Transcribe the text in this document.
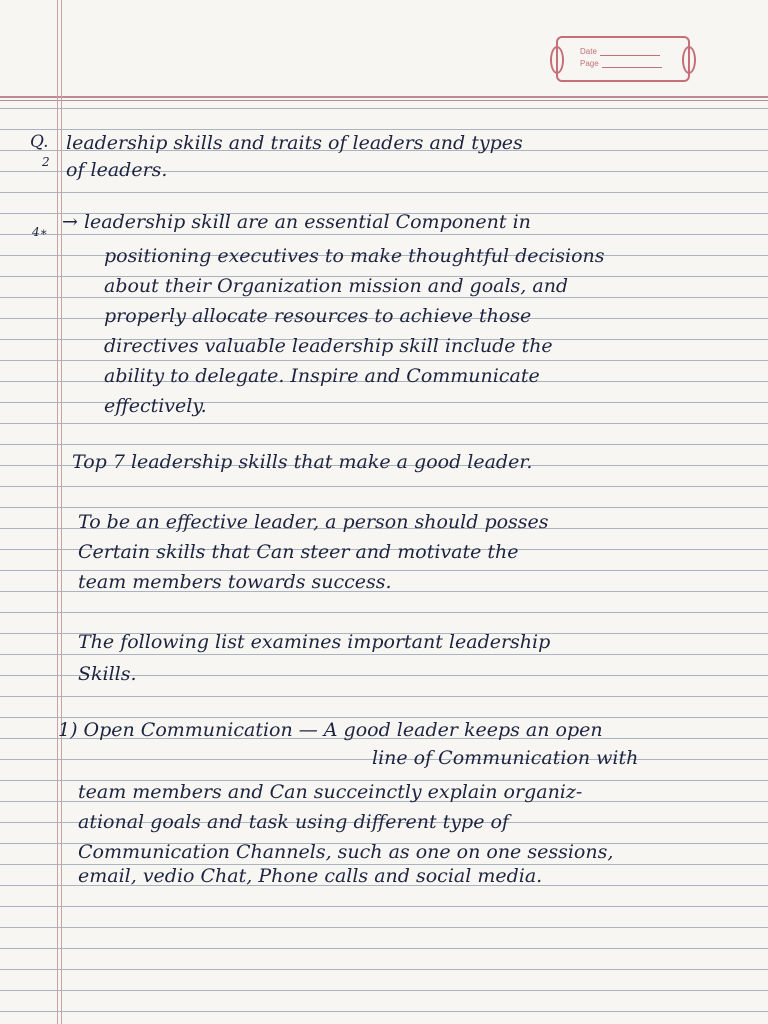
Date
Page
Q.
2
leadership skills and traits of leaders and types
of leaders.
4∗ → leadership skill are an essential Component in
positioning executives to make thoughtful decisions
about their Organization mission and goals, and
properly allocate resources to achieve those
directives valuable leadership skill include the
ability to delegate. Inspire and Communicate
effectively.
Top 7 leadership skills that make a good leader.
To be an effective leader, a person should posses
Certain skills that Can steer and motivate the
team members towards success.
The following list examines important leadership
Skills.
1) Open Communication — A good leader keeps an open
line of Communication with
team members and Can succeinctly explain organiz-
ational goals and task using different type of
Communication Channels, such as one on one sessions,
email, vedio Chat, Phone calls and social media.
